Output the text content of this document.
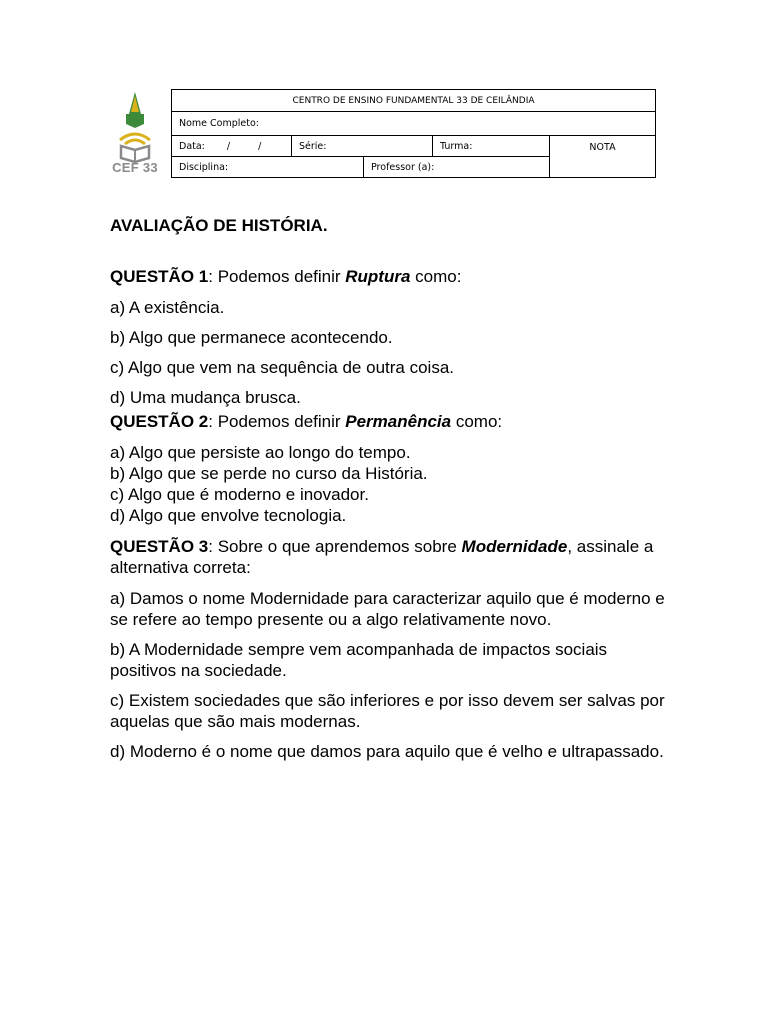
CEF 33
CENTRO DE ENSINO FUNDAMENTAL 33 DE CEILÂNDIA				
Nome Completo:				
Data: / /	Série:		Turma:	NOTA
Disciplina:		Professor (a):		
AVALIAÇÃO DE HISTÓRIA.
QUESTÃO 1: Podemos definir Ruptura como:
a) A existência.
b) Algo que permanece acontecendo.
c) Algo que vem na sequência de outra coisa.
d) Uma mudança brusca.
QUESTÃO 2: Podemos definir Permanência como:
a) Algo que persiste ao longo do tempo.
b) Algo que se perde no curso da História.
c) Algo que é moderno e inovador.
d) Algo que envolve tecnologia.
QUESTÃO 3: Sobre o que aprendemos sobre Modernidade, assinale a alternativa correta:
a) Damos o nome Modernidade para caracterizar aquilo que é moderno e se refere ao tempo presente ou a algo relativamente novo.
b) A Modernidade sempre vem acompanhada de impactos sociais positivos na sociedade.
c) Existem sociedades que são inferiores e por isso devem ser salvas por aquelas que são mais modernas.
d) Moderno é o nome que damos para aquilo que é velho e ultrapassado.
